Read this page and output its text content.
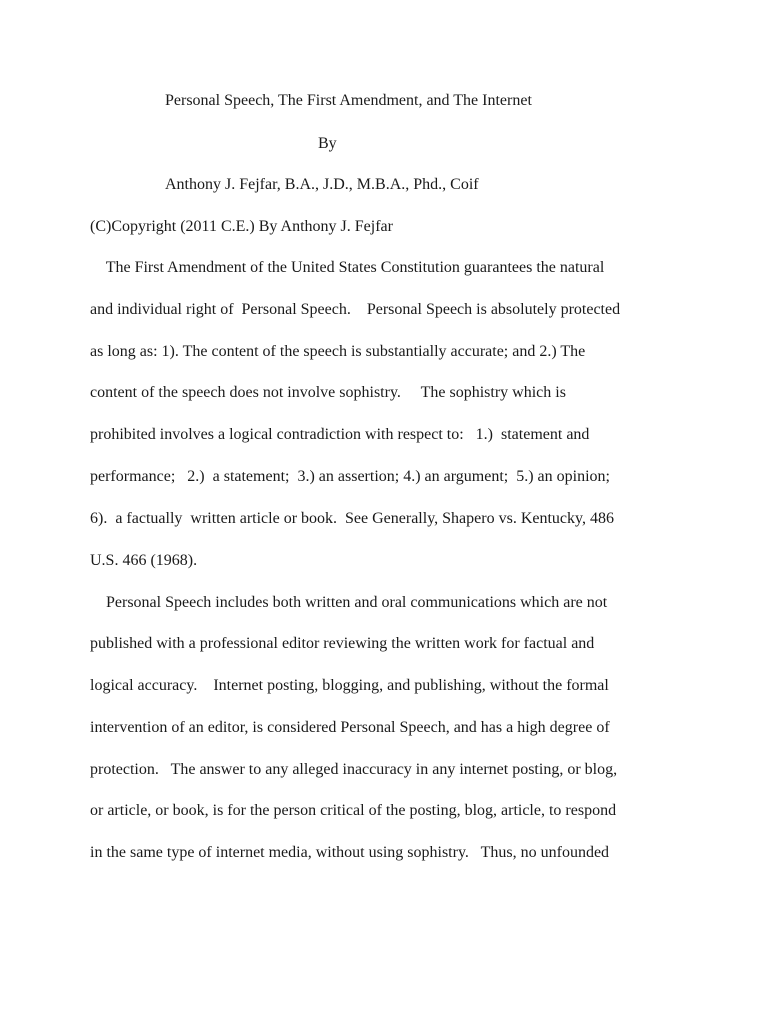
Personal Speech, The First Amendment, and The Internet
By
Anthony J. Fejfar, B.A., J.D., M.B.A., Phd., Coif
(C)Copyright (2011 C.E.) By Anthony J. Fejfar
The First Amendment of the United States Constitution guarantees the natural
and individual right of  Personal Speech.    Personal Speech is absolutely protected
as long as: 1). The content of the speech is substantially accurate; and 2.) The
content of the speech does not involve sophistry.     The sophistry which is
prohibited involves a logical contradiction with respect to:   1.)  statement and
performance;   2.)  a statement;  3.) an assertion; 4.) an argument;  5.) an opinion;
6).  a factually  written article or book.  See Generally, Shapero vs. Kentucky, 486
U.S. 466 (1968).
Personal Speech includes both written and oral communications which are not
published with a professional editor reviewing the written work for factual and
logical accuracy.    Internet posting, blogging, and publishing, without the formal
intervention of an editor, is considered Personal Speech, and has a high degree of
protection.   The answer to any alleged inaccuracy in any internet posting, or blog,
or article, or book, is for the person critical of the posting, blog, article, to respond
in the same type of internet media, without using sophistry.   Thus, no unfounded
